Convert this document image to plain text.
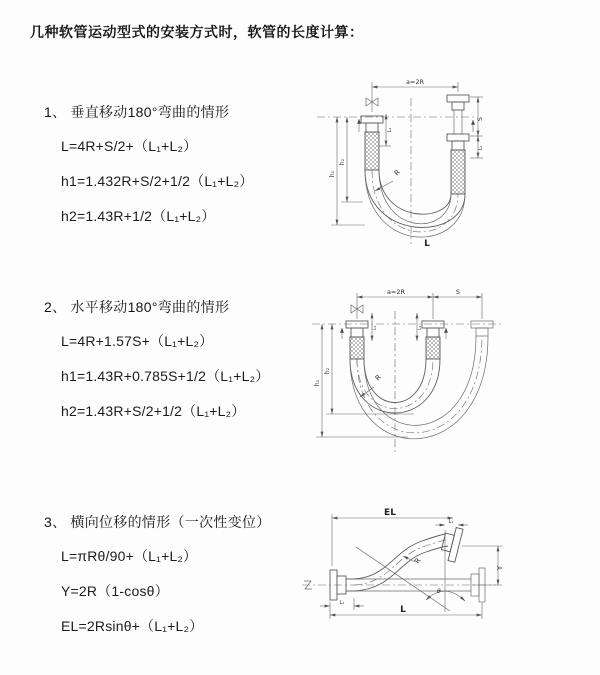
几种软管运动型式的安装方式时，软管的长度计算：
1、 垂直移动180°弯曲的情形
L=4R+S/2+（L₁+L₂）
h1=1.432R+S/2+1/2（L₁+L₂）
h2=1.43R+1/2（L₁+L₂）
2、 水平移动180°弯曲的情形
L=4R+1.57S+（L₁+L₂）
h1=1.43R+0.785S+1/2（L₁+L₂）
h2=1.43R+S/2+1/2（L₁+L₂）
3、 横向位移的情形（一次性变位）
L=πRθ/90+（L₁+L₂）
Y=2R（1-cosθ）
EL=2Rsinθ+（L₁+L₂）
a=2R
R
L
h₁
h₂
S
L₁
L₁
a=2R	S
R
h₁
h₂
L₁	L₁
EL
L₁
θ
R
Y
L₁
L
